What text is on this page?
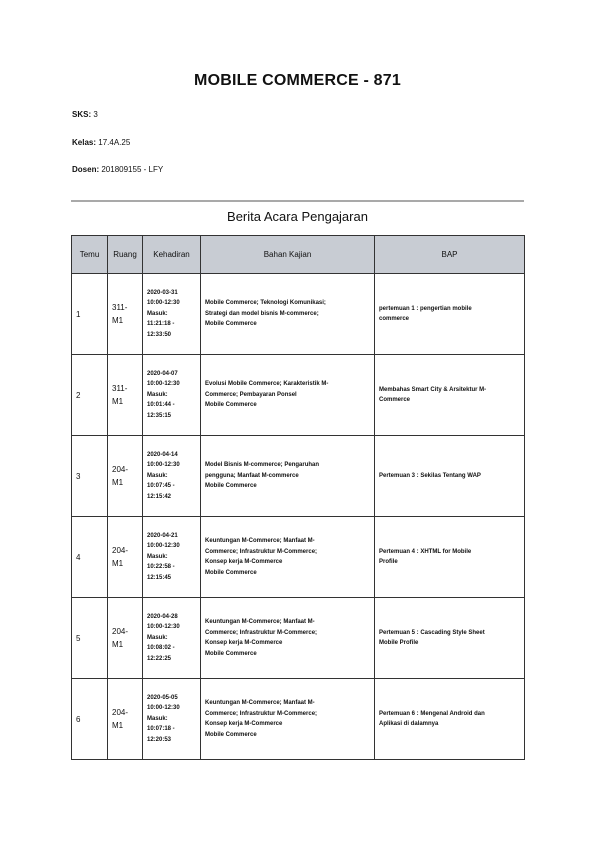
MOBILE COMMERCE - 871
SKS: 3
Kelas: 17.4A.25
Dosen: 201809155 - LFY
Berita Acara Pengajaran
Temu	Ruang	Kehadiran	Bahan Kajian	BAP
1	311-
M1	2020-03-31
10:00-12:30
Masuk:
11:21:18 -
12:33:50	Mobile Commerce; Teknologi Komunikasi;
Strategi dan model bisnis M-commerce;
Mobile Commerce	pertemuan 1 : pengertian mobile
commerce

2	311-
M1	2020-04-07
10:00-12:30
Masuk:
10:01:44 -
12:35:15	Evolusi Mobile Commerce; Karakteristik M-
Commerce; Pembayaran Ponsel
Mobile Commerce	Membahas Smart City & Arsitektur M-
Commerce

3	204-
M1	2020-04-14
10:00-12:30
Masuk:
10:07:45 -
12:15:42	Model Bisnis M-commerce; Pengaruhan
pengguna; Manfaat M-commerce
Mobile Commerce	Pertemuan 3 : Sekilas Tentang WAP

4	204-
M1	2020-04-21
10:00-12:30
Masuk:
10:22:58 -
12:15:45	Keuntungan M-Commerce; Manfaat M-
Commerce; Infrastruktur M-Commerce;
Konsep kerja M-Commerce
Mobile Commerce	Pertemuan 4 : XHTML for Mobile
Profile

5	204-
M1	2020-04-28
10:00-12:30
Masuk:
10:08:02 -
12:22:25	Keuntungan M-Commerce; Manfaat M-
Commerce; Infrastruktur M-Commerce;
Konsep kerja M-Commerce
Mobile Commerce	Pertemuan 5 : Cascading Style Sheet
Mobile Profile

6	204-
M1	2020-05-05
10:00-12:30
Masuk:
10:07:18 -
12:20:53	Keuntungan M-Commerce; Manfaat M-
Commerce; Infrastruktur M-Commerce;
Konsep kerja M-Commerce
Mobile Commerce	Pertemuan 6 : Mengenal Android dan
Aplikasi di dalamnya
